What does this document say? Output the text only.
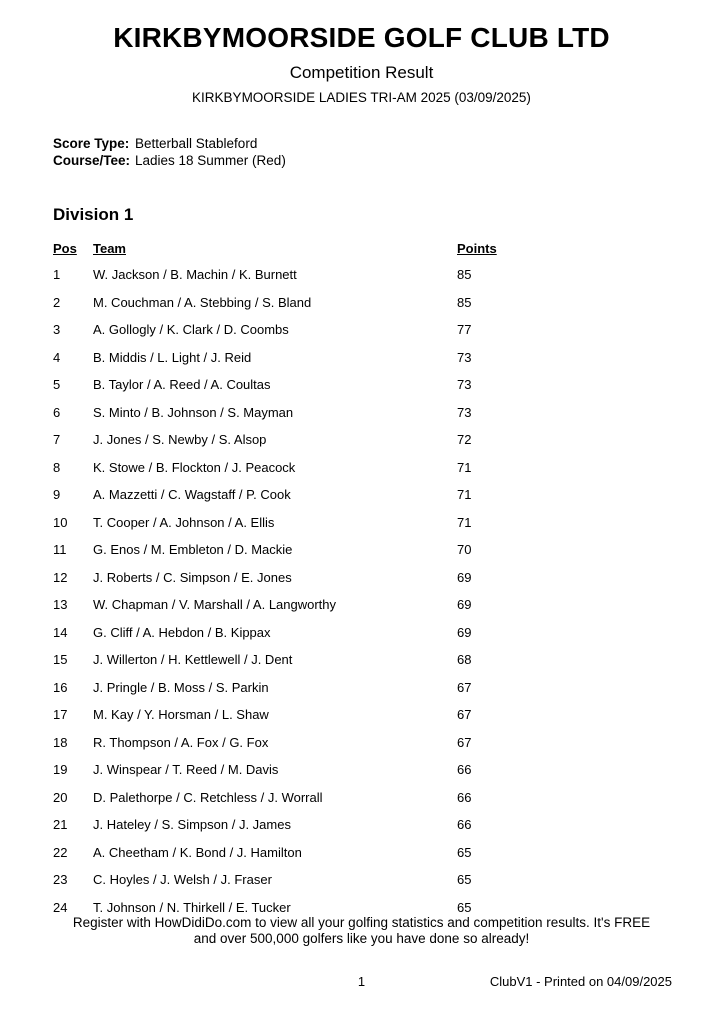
KIRKBYMOORSIDE GOLF CLUB LTD
Competition Result
KIRKBYMOORSIDE LADIES TRI-AM 2025 (03/09/2025)
Score Type: Betterball Stableford
Course/Tee: Ladies 18 Summer (Red)
Division 1
Pos	Team	Points
1	W. Jackson / B. Machin / K. Burnett	85
2	M. Couchman / A. Stebbing / S. Bland	85
3	A. Gollogly / K. Clark / D. Coombs	77
4	B. Middis / L. Light / J. Reid	73
5	B. Taylor / A. Reed / A. Coultas	73
6	S. Minto / B. Johnson / S. Mayman	73
7	J. Jones / S. Newby / S. Alsop	72
8	K. Stowe / B. Flockton / J. Peacock	71
9	A. Mazzetti / C. Wagstaff / P. Cook	71
10	T. Cooper / A. Johnson / A. Ellis	71
11	G. Enos / M. Embleton / D. Mackie	70
12	J. Roberts / C. Simpson / E. Jones	69
13	W. Chapman / V. Marshall / A. Langworthy	69
14	G. Cliff / A. Hebdon / B. Kippax	69
15	J. Willerton / H. Kettlewell / J. Dent	68
16	J. Pringle / B. Moss / S. Parkin	67
17	M. Kay / Y. Horsman / L. Shaw	67
18	R. Thompson / A. Fox / G. Fox	67
19	J. Winspear / T. Reed / M. Davis	66
20	D. Palethorpe / C. Retchless / J. Worrall	66
21	J. Hateley / S. Simpson / J. James	66
22	A. Cheetham / K. Bond / J. Hamilton	65
23	C. Hoyles / J. Welsh / J. Fraser	65
24	T. Johnson / N. Thirkell / E. Tucker	65
Register with HowDidiDo.com to view all your golfing statistics and competition results. It's FREE
and over 500,000 golfers like you have done so already!
1	ClubV1 - Printed on 04/09/2025
